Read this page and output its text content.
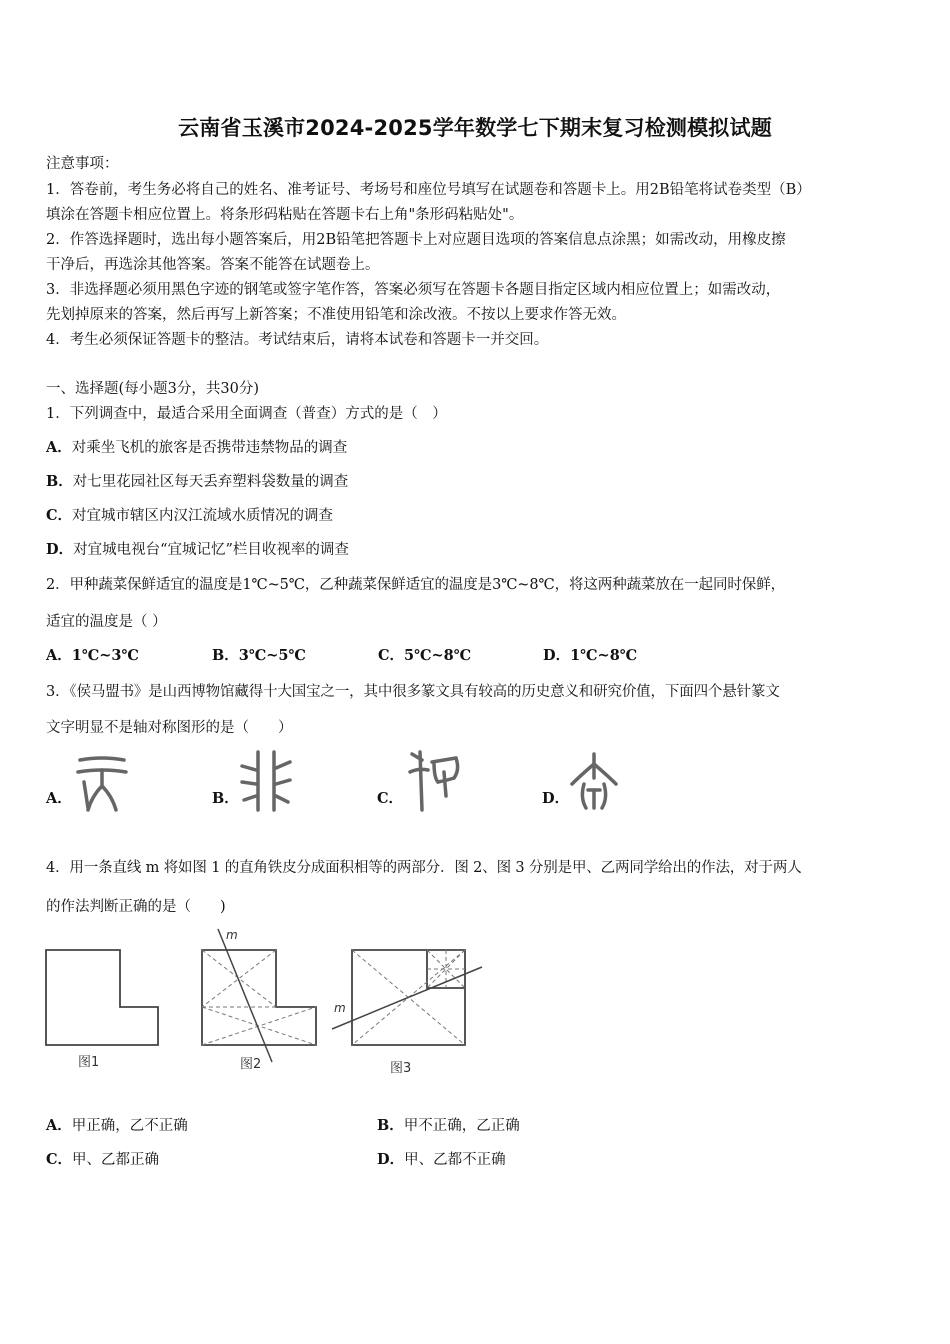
云南省玉溪市2024-2025学年数学七下期末复习检测模拟试题
注意事项：
1．答卷前，考生务必将自己的姓名、准考证号、考场号和座位号填写在试题卷和答题卡上。用2B铅笔将试卷类型（B）
填涂在答题卡相应位置上。将条形码粘贴在答题卡右上角"条形码粘贴处"。
2．作答选择题时，选出每小题答案后，用2B铅笔把答题卡上对应题目选项的答案信息点涂黑；如需改动，用橡皮擦
干净后，再选涂其他答案。答案不能答在试题卷上。
3．非选择题必须用黑色字迹的钢笔或签字笔作答，答案必须写在答题卡各题目指定区域内相应位置上；如需改动，
先划掉原来的答案，然后再写上新答案；不准使用铅笔和涂改液。不按以上要求作答无效。
4．考生必须保证答题卡的整洁。考试结束后，请将本试卷和答题卡一并交回。
一、选择题(每小题3分，共30分)
1．下列调查中，最适合采用全面调查（普查）方式的是（　）
A．对乘坐飞机的旅客是否携带违禁物品的调查
B．对七里花园社区每天丢弃塑料袋数量的调查
C．对宜城市辖区内汉江流域水质情况的调查
D．对宜城电视台“宜城记忆”栏目收视率的调查
2．甲种蔬菜保鲜适宜的温度是1℃~5℃，乙种蔬菜保鲜适宜的温度是3℃~8℃，将这两种蔬菜放在一起同时保鲜，
适宜的温度是（ ）
A．1℃~3℃	B．3℃~5℃	C．5℃~8℃	D．1℃~8℃
3．《侯马盟书》是山西博物馆藏得十大国宝之一，其中很多篆文具有较高的历史意义和研究价值，下面四个悬针篆文
文字明显不是轴对称图形的是（　　）
A．	B．	C．	D．
4．用一条直线 m 将如图 1 的直角铁皮分成面积相等的两部分．图 2、图 3 分别是甲、乙两同学给出的作法，对于两人
的作法判断正确的是（　　)
图1
m
图2
m
图3
A．甲正确，乙不正确	B．甲不正确，乙正确
C．甲、乙都正确	D．甲、乙都不正确
